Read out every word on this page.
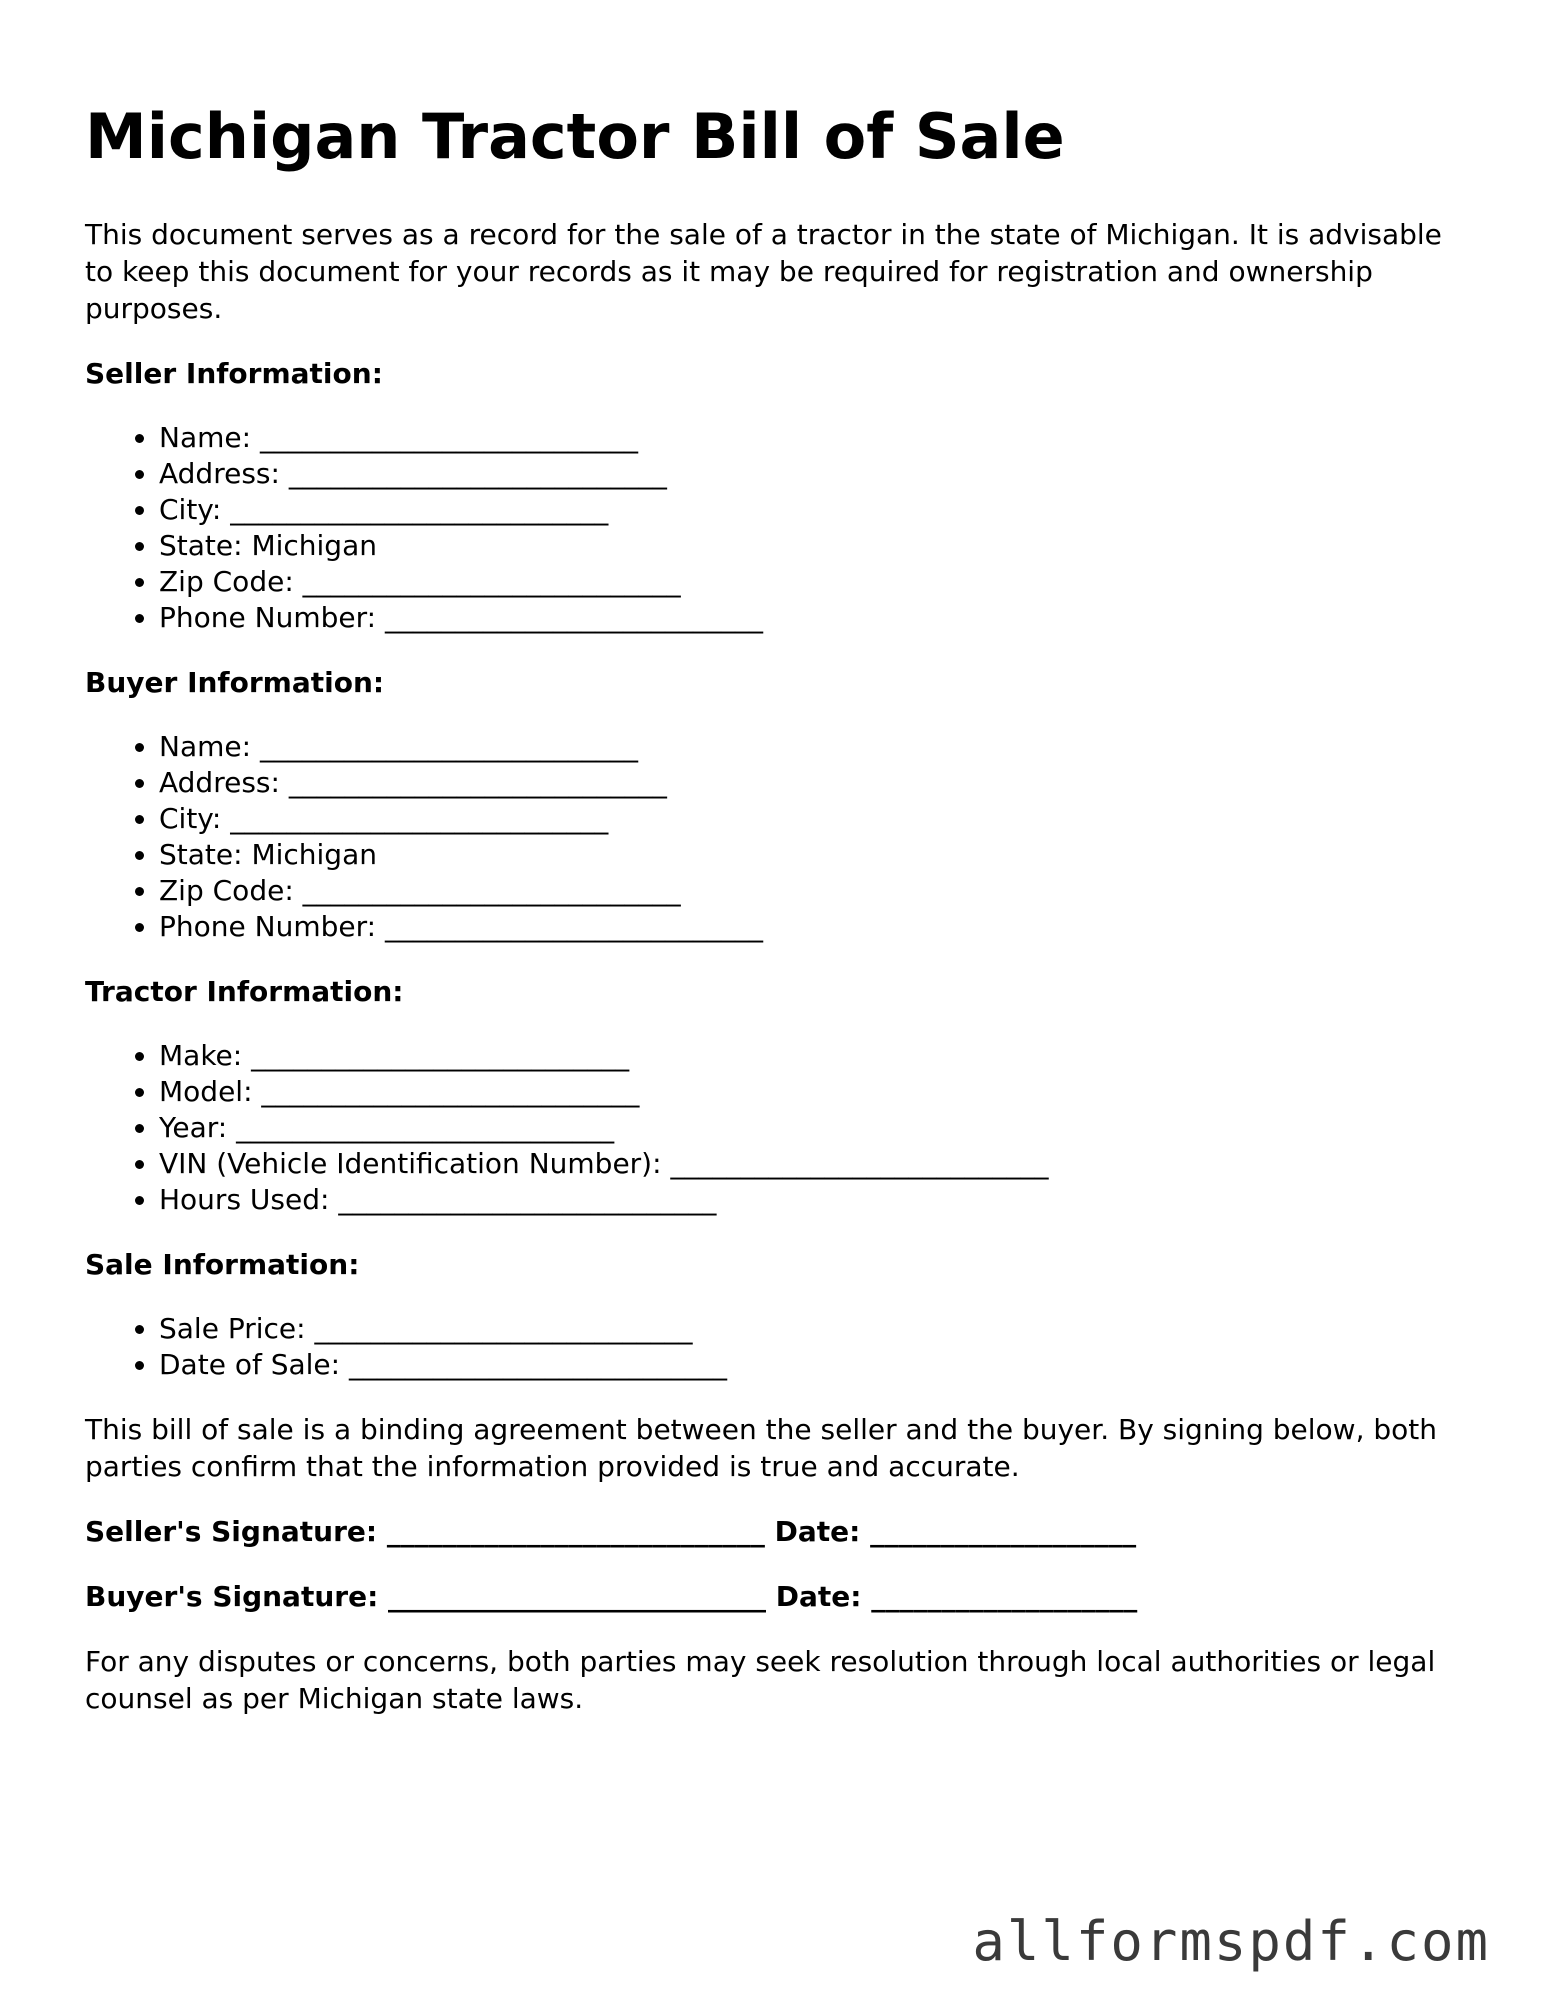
Michigan Tractor Bill of Sale

This document serves as a record for the sale of a tractor in the state of Michigan. It is advisable to keep this document for your records as it may be required for registration and ownership purposes.

Seller Information:
• Name: ___________________________
• Address: ___________________________
• City: ___________________________
• State: Michigan
• Zip Code: ___________________________
• Phone Number: ___________________________
Buyer Information:
• Name: ___________________________
• Address: ___________________________
• City: ___________________________
• State: Michigan
• Zip Code: ___________________________
• Phone Number: ___________________________
Tractor Information:
• Make: ___________________________
• Model: ___________________________
• Year: ___________________________
• VIN (Vehicle Identification Number): ___________________________
• Hours Used: ___________________________
Sale Information:
• Sale Price: ___________________________
• Date of Sale: ___________________________

This bill of sale is a binding agreement between the seller and the buyer. By signing below, both parties confirm that the information provided is true and accurate.

Seller's Signature: ___________________________ Date: ___________________
Buyer's Signature: ___________________________ Date: ___________________

For any disputes or concerns, both parties may seek resolution through local authorities or legal counsel as per Michigan state laws.

allformspdf.com
